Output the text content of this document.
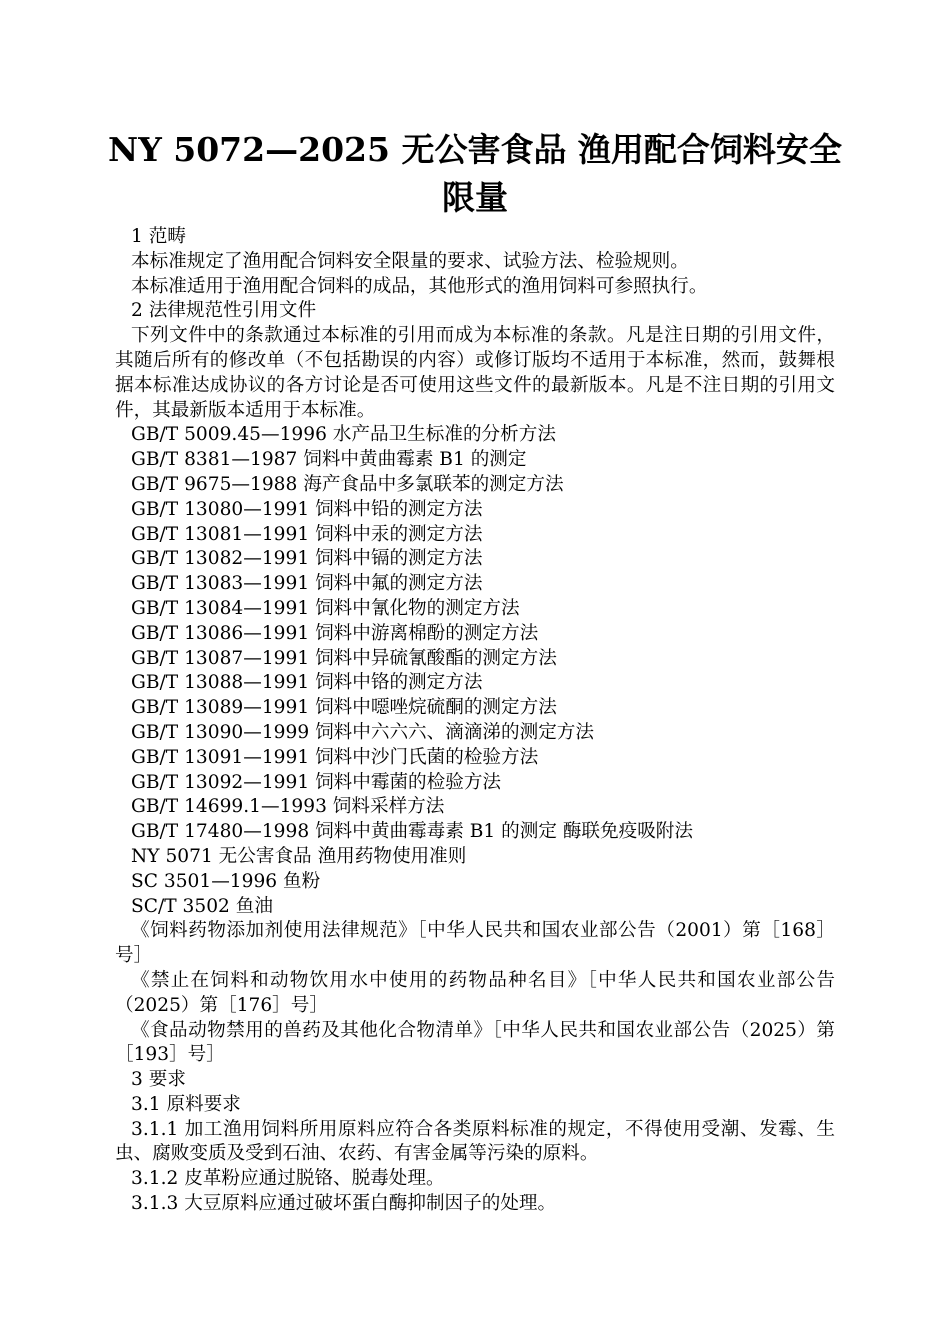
NY 5072—2025 无公害食品 渔用配合饲料安全限量
1 范畴
本标准规定了渔用配合饲料安全限量的要求、试验方法、检验规则。
本标准适用于渔用配合饲料的成品，其他形式的渔用饲料可参照执行。
2 法律规范性引用文件
下列文件中的条款通过本标准的引用而成为本标准的条款。凡是注日期的引用文件，其随后所有的修改单（不包括勘误的内容）或修订版均不适用于本标准，然而，鼓舞根据本标准达成协议的各方讨论是否可使用这些文件的最新版本。凡是不注日期的引用文件，其最新版本适用于本标准。
GB/T 5009.45—1996 水产品卫生标准的分析方法
GB/T 8381—1987 饲料中黄曲霉素 B1 的测定
GB/T 9675—1988 海产食品中多氯联苯的测定方法
GB/T 13080—1991 饲料中铅的测定方法
GB/T 13081—1991 饲料中汞的测定方法
GB/T 13082—1991 饲料中镉的测定方法
GB/T 13083—1991 饲料中氟的测定方法
GB/T 13084—1991 饲料中氰化物的测定方法
GB/T 13086—1991 饲料中游离棉酚的测定方法
GB/T 13087—1991 饲料中异硫氰酸酯的测定方法
GB/T 13088—1991 饲料中铬的测定方法
GB/T 13089—1991 饲料中噁唑烷硫酮的测定方法
GB/T 13090—1999 饲料中六六六、滴滴涕的测定方法
GB/T 13091—1991 饲料中沙门氏菌的检验方法
GB/T 13092—1991 饲料中霉菌的检验方法
GB/T 14699.1—1993 饲料采样方法
GB/T 17480—1998 饲料中黄曲霉毒素 B1 的测定 酶联免疫吸附法
NY 5071 无公害食品 渔用药物使用准则
SC 3501—1996 鱼粉
SC/T 3502 鱼油
《饲料药物添加剂使用法律规范》［中华人民共和国农业部公告（2001）第［168］号］
《禁止在饲料和动物饮用水中使用的药物品种名目》［中华人民共和国农业部公告（2025）第［176］号］
《食品动物禁用的兽药及其他化合物清单》［中华人民共和国农业部公告（2025）第［193］号］
3 要求
3.1 原料要求
3.1.1 加工渔用饲料所用原料应符合各类原料标准的规定，不得使用受潮、发霉、生虫、腐败变质及受到石油、农药、有害金属等污染的原料。
3.1.2 皮革粉应通过脱铬、脱毒处理。
3.1.3 大豆原料应通过破坏蛋白酶抑制因子的处理。
